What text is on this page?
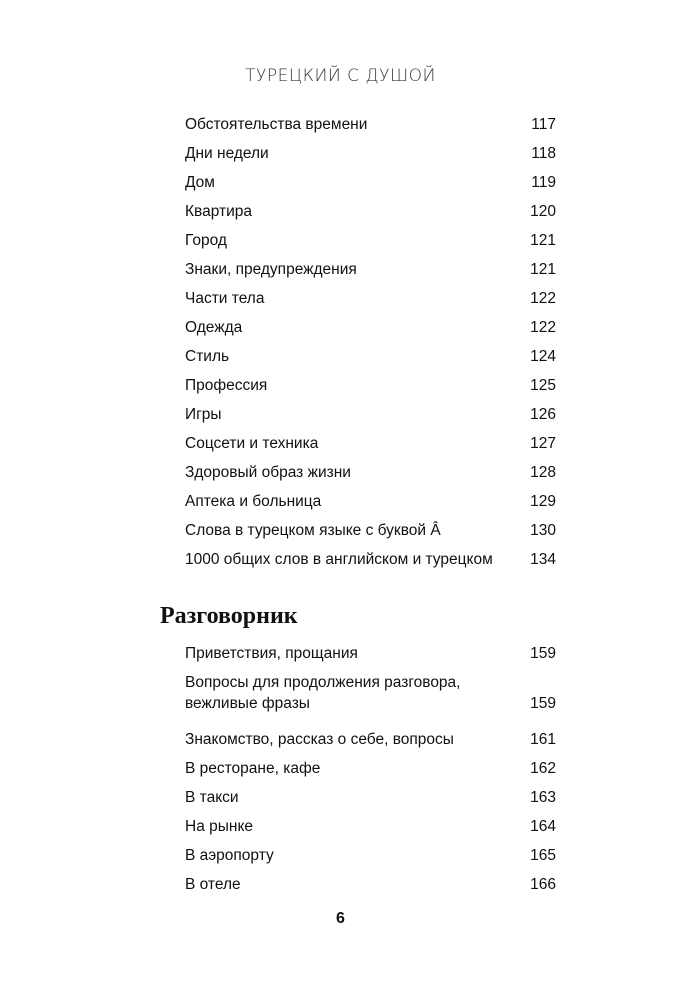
ТУРЕЦКИЙ С ДУШОЙ
Обстоятельства времени	117
Дни недели	118
Дом	119
Квартира	120
Город	121
Знаки, предупреждения	121
Части тела	122
Одежда	122
Стиль	124
Профессия	125
Игры	126
Соцсети и техника	127
Здоровый образ жизни	128
Аптека и больница	129
Слова в турецком языке с буквой Â	130
1000 общих слов в английском и турецком	134
Разговорник
Приветствия, прощания	159
Вопросы для продолжения разговора,
вежливые фразы	159
Знакомство, рассказ о себе, вопросы	161
В ресторане, кафе	162
В такси	163
На рынке	164
В аэропорту	165
В отеле	166
6
